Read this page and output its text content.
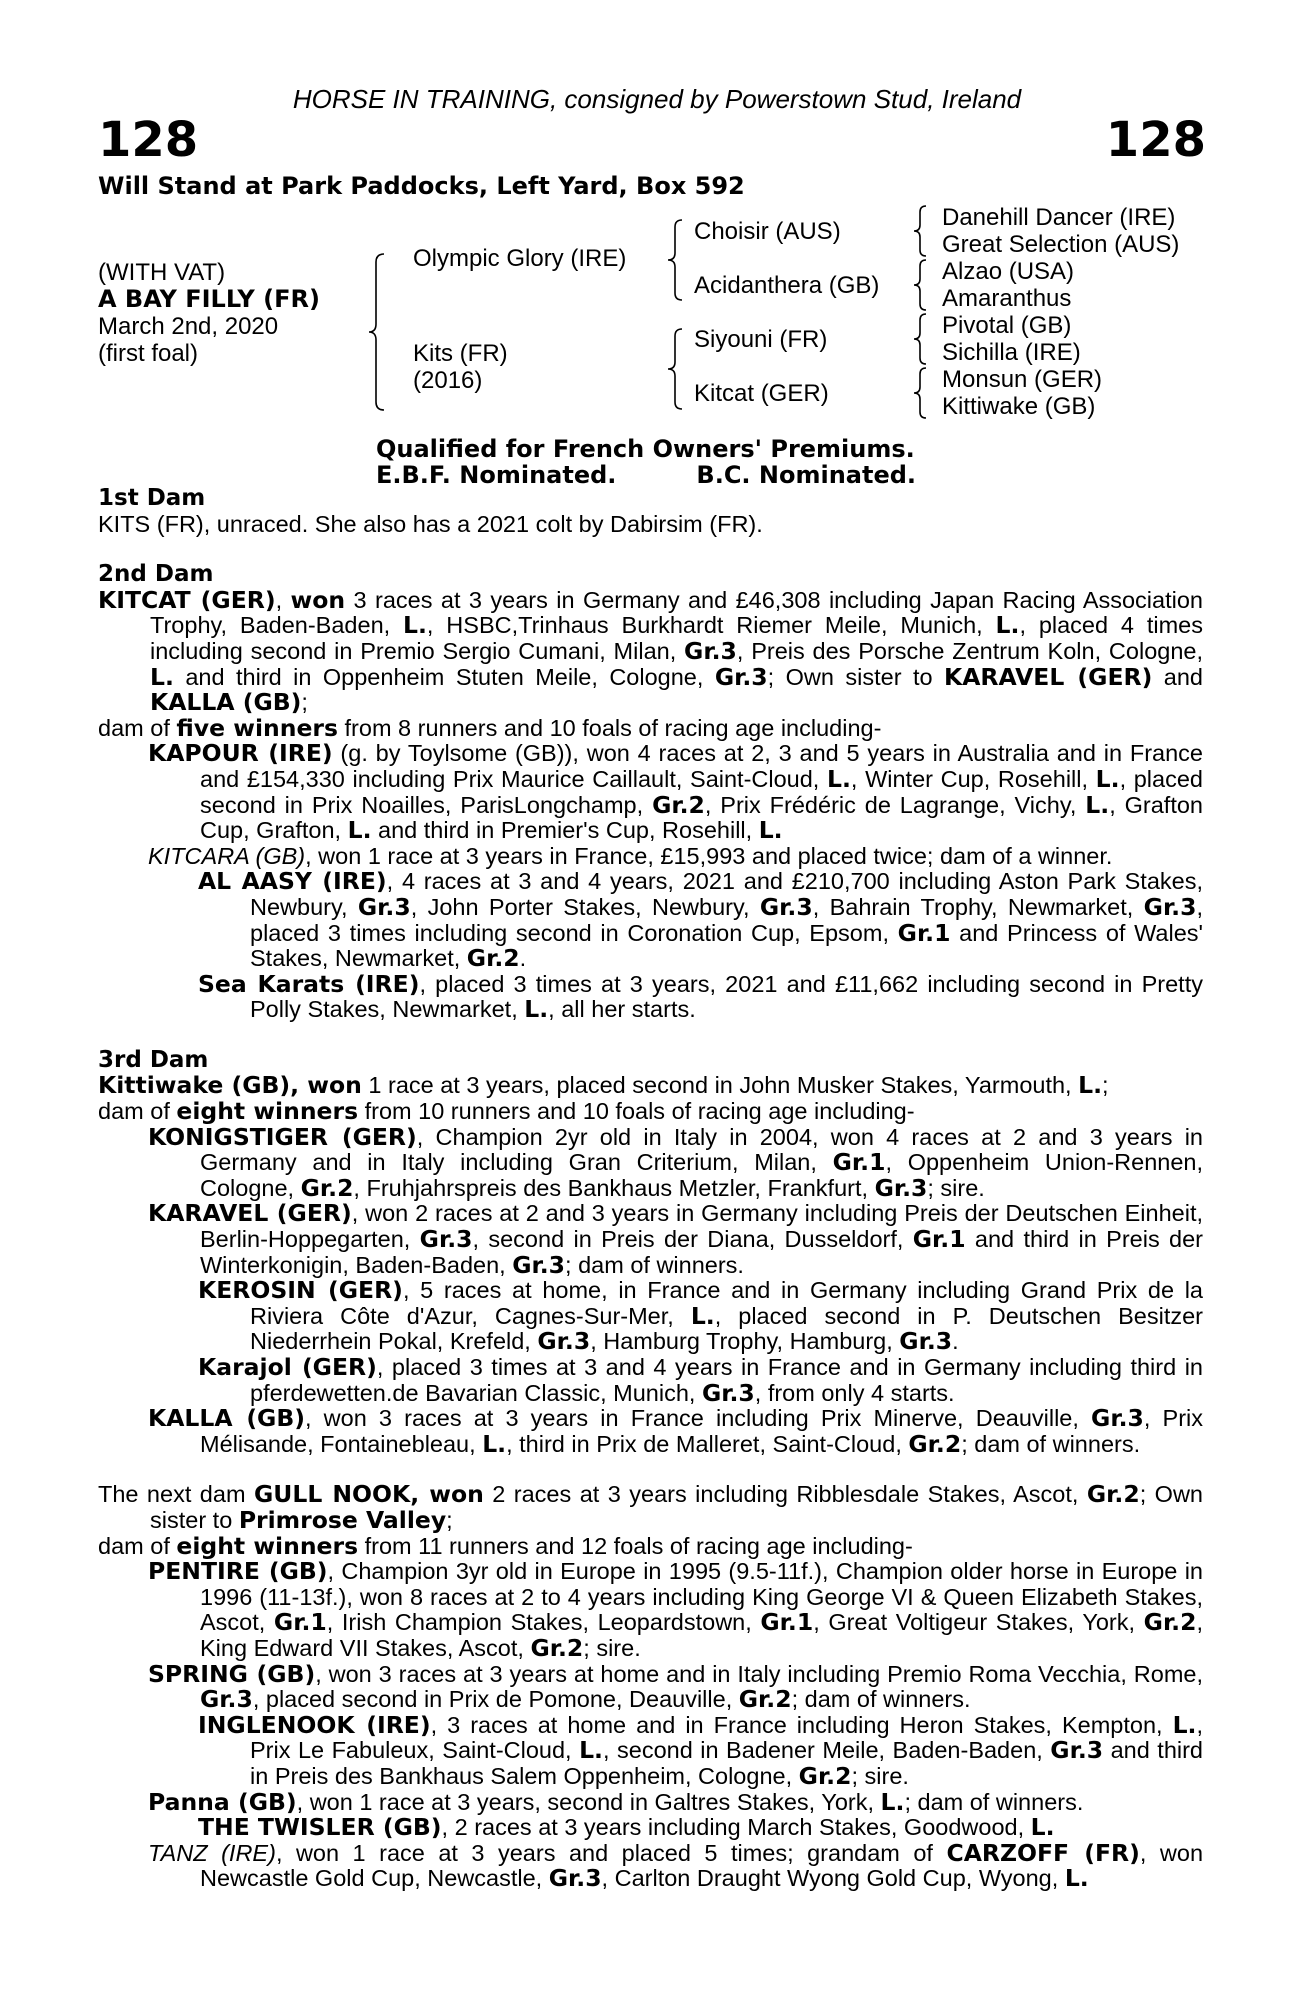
HORSE IN TRAINING, consigned by Powerstown Stud, Ireland
128	128
Will Stand at Park Paddocks, Left Yard, Box 592
(WITH VAT)
A BAY FILLY (FR)
March 2nd, 2020
(first foal)
Olympic Glory (IRE)
Kits (FR)
(2016)
Choisir (AUS)
Acidanthera (GB)
Siyouni (FR)
Kitcat (GER)
Danehill Dancer (IRE)
Great Selection (AUS)
Alzao (USA)
Amaranthus
Pivotal (GB)
Sichilla (IRE)
Monsun (GER)
Kittiwake (GB)
Qualified for French Owners' Premiums.
E.B.F. Nominated.	B.C. Nominated.

1st Dam

KITS (FR), unraced. She also has a 2021 colt by Dabirsim (FR).

2nd Dam

KITCAT (GER), won 3 races at 3 years in Germany and £46,308 including Japan Racing Association Trophy, Baden-Baden, L., HSBC,Trinhaus Burkhardt Riemer Meile, Munich, L., placed 4 times including second in Premio Sergio Cumani, Milan, Gr.3, Preis des Porsche Zentrum Koln, Cologne, L. and third in Oppenheim Stuten Meile, Cologne, Gr.3; Own sister to KARAVEL (GER) and KALLA (GB);

dam of five winners from 8 runners and 10 foals of racing age including-

KAPOUR (IRE) (g. by Toylsome (GB)), won 4 races at 2, 3 and 5 years in Australia and in France and £154,330 including Prix Maurice Caillault, Saint-Cloud, L., Winter Cup, Rosehill, L., placed second in Prix Noailles, ParisLongchamp, Gr.2, Prix Frédéric de Lagrange, Vichy, L., Grafton Cup, Grafton, L. and third in Premier's Cup, Rosehill, L.

KITCARA (GB), won 1 race at 3 years in France, £15,993 and placed twice; dam of a winner.

AL AASY (IRE), 4 races at 3 and 4 years, 2021 and £210,700 including Aston Park Stakes, Newbury, Gr.3, John Porter Stakes, Newbury, Gr.3, Bahrain Trophy, Newmarket, Gr.3, placed 3 times including second in Coronation Cup, Epsom, Gr.1 and Princess of Wales' Stakes, Newmarket, Gr.2.

Sea Karats (IRE), placed 3 times at 3 years, 2021 and £11,662 including second in Pretty Polly Stakes, Newmarket, L., all her starts.

3rd Dam

Kittiwake (GB), won 1 race at 3 years, placed second in John Musker Stakes, Yarmouth, L.;

dam of eight winners from 10 runners and 10 foals of racing age including-

KONIGSTIGER (GER), Champion 2yr old in Italy in 2004, won 4 races at 2 and 3 years in Germany and in Italy including Gran Criterium, Milan, Gr.1, Oppenheim Union-Rennen, Cologne, Gr.2, Fruhjahrspreis des Bankhaus Metzler, Frankfurt, Gr.3; sire.

KARAVEL (GER), won 2 races at 2 and 3 years in Germany including Preis der Deutschen Einheit, Berlin-Hoppegarten, Gr.3, second in Preis der Diana, Dusseldorf, Gr.1 and third in Preis der Winterkonigin, Baden-Baden, Gr.3; dam of winners.

KEROSIN (GER), 5 races at home, in France and in Germany including Grand Prix de la Riviera Côte d'Azur, Cagnes-Sur-Mer, L., placed second in P. Deutschen Besitzer Niederrhein Pokal, Krefeld, Gr.3, Hamburg Trophy, Hamburg, Gr.3.

Karajol (GER), placed 3 times at 3 and 4 years in France and in Germany including third in pferdewetten.de Bavarian Classic, Munich, Gr.3, from only 4 starts.

KALLA (GB), won 3 races at 3 years in France including Prix Minerve, Deauville, Gr.3, Prix Mélisande, Fontainebleau, L., third in Prix de Malleret, Saint-Cloud, Gr.2; dam of winners.

The next dam GULL NOOK, won 2 races at 3 years including Ribblesdale Stakes, Ascot, Gr.2; Own sister to Primrose Valley;

dam of eight winners from 11 runners and 12 foals of racing age including-

PENTIRE (GB), Champion 3yr old in Europe in 1995 (9.5-11f.), Champion older horse in Europe in 1996 (11-13f.), won 8 races at 2 to 4 years including King George VI & Queen Elizabeth Stakes, Ascot, Gr.1, Irish Champion Stakes, Leopardstown, Gr.1, Great Voltigeur Stakes, York, Gr.2, King Edward VII Stakes, Ascot, Gr.2; sire.

SPRING (GB), won 3 races at 3 years at home and in Italy including Premio Roma Vecchia, Rome, Gr.3, placed second in Prix de Pomone, Deauville, Gr.2; dam of winners.

INGLENOOK (IRE), 3 races at home and in France including Heron Stakes, Kempton, L., Prix Le Fabuleux, Saint-Cloud, L., second in Badener Meile, Baden-Baden, Gr.3 and third in Preis des Bankhaus Salem Oppenheim, Cologne, Gr.2; sire.

Panna (GB), won 1 race at 3 years, second in Galtres Stakes, York, L.; dam of winners.

THE TWISLER (GB), 2 races at 3 years including March Stakes, Goodwood, L.

TANZ (IRE), won 1 race at 3 years and placed 5 times; grandam of CARZOFF (FR), won Newcastle Gold Cup, Newcastle, Gr.3, Carlton Draught Wyong Gold Cup, Wyong, L.
